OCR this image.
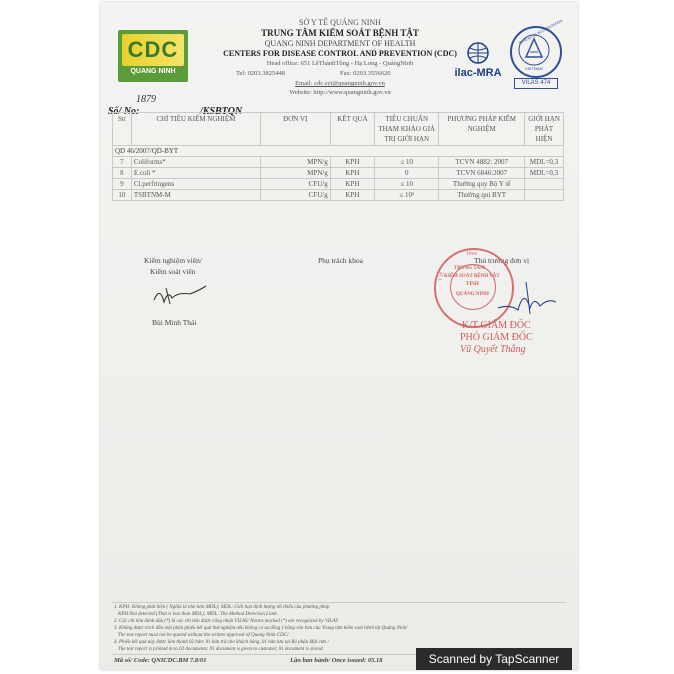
CDC
QUANG NINH
SỞ Y TẾ QUẢNG NINH
TRUNG TÂM KIỂM SOÁT BỆNH TẬT
QUANG NINH DEPARTMENT OF HEALTH
CENTERS FOR DISEASE CONTROL AND PREVENTION (CDC)
Head office: 651 LêThánhTông - Hạ Long - QuảngNinh
Tel: 0203.3825448	Fax: 0203.3556620
Email: cdc.syt@quangninh.gov.vn
Website: http://www.quangninh.gov.vn
ilac-MRA
BUREAU OF ACCREDITATION
VIETNAM
VILAS 474
1879
Số/ No:	/KSBTQN
Stt	CHỈ TIÊU KIỂM NGHIỆM	ĐƠN VỊ	KẾT QUẢ	TIÊU CHUẨN THAM KHẢO GIÁ TRỊ GIỚI HẠN	PHƯƠNG PHÁP KIỂM NGHIỆM	GIỚI HẠN PHÁT HIỆN
QD 46/2007/QD-BYT						
7	Coliforms*	MPN/g	KPH	≤ 10	TCVN 4882: 2007	MDL=0,3
8	E.coli *	MPN/g	KPH	0	TCVN 6846:2007	MDL=0,3
9	Cl.perfringens	CFU/g	KPH	≤ 10	Thường quy Bộ Y tế	
10	TSBTNM-M	CFU/g	KPH	≤ 10²	Thường qui BYT	
Kiểm nghiệm viên/
Kiểm soát viên
Phụ trách khoa	Thủ trưởng đơn vị
Bùi Minh Thái
TỈNH
Y TẾ
TRUNG TÂM
KIỂM SOÁT BỆNH TẬT
TỈNH
QUẢNG NINH
K/T GIÁM ĐỐC
PHÓ GIÁM ĐỐC
Vũ Quyết Thắng
1. KPH: Không phát hiện ( Nghĩa là nhỏ hơn MDL); MDL: Giới hạn định lượng tối thiểu của phương pháp
KPH:Not detected (That is less than MDL); MDL: The Method Detection Limit.
2. Các chỉ tiêu đánh dấu (*) là các chỉ tiêu được công nhận VILAS/ Norms marked (*) are recognized by VILAS
3. Không được trích dẫn một phần phiếu kết quả thử nghiệm nếu không có sự đồng ý bằng văn bản của Trung tâm kiểm soát bệnh tật Quảng Ninh/
The test report must not be quoted without the written approval of Quang Ninh CDC/
4. Phiếu kết quả này được làm thành 02 bản: 01 bản trả cho khách hàng, 01 bản lưu tại Bộ phận Một cửa /
The test report is printed in to 02 documents: 01 document is given to customer, 01 document is stored.
Mã số/ Code: QNICDC.BM 7.8/01	Lần ban hành/ Once issued: 05.18	Scanned by TapScanner
